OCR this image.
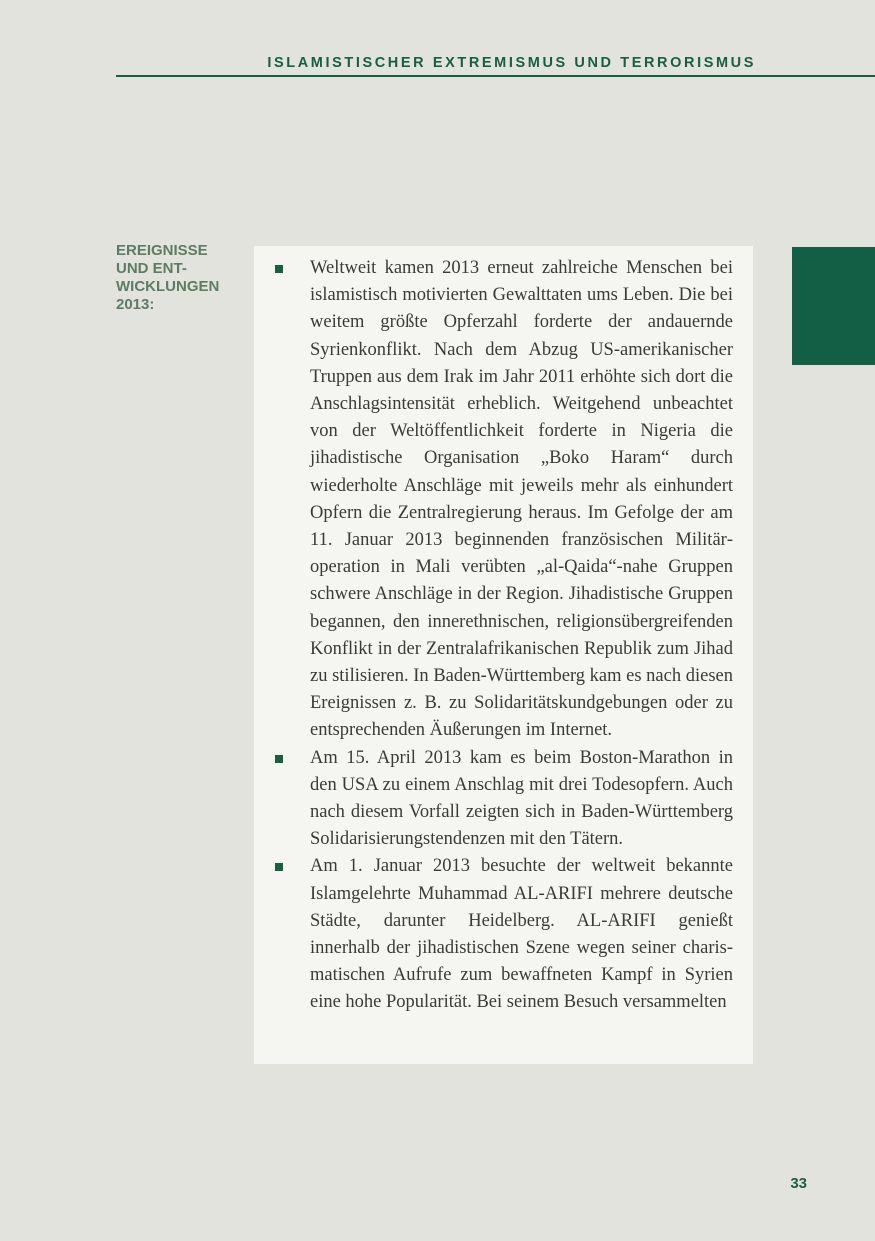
ISLAMISTISCHER EXTREMISMUS UND TERRORISMUS
EREIGNISSE
UND ENT-
WICKLUNGEN
2013:
Weltweit kamen 2013 erneut zahlreiche Menschen bei islamistisch motivierten Gewalttaten ums Leben. Die bei weitem größte Opferzahl forderte der andauernde Syrienkonflikt. Nach dem Abzug US-amerikanischer Truppen aus dem Irak im Jahr 2011 erhöhte sich dort die Anschlagsintensität erheblich. Weitgehend unbeachtet von der Weltöffentlichkeit forderte in Nigeria die jihadistische Organisation „Boko Haram“ durch wiederholte Anschläge mit jeweils mehr als einhundert Opfern die Zentralregierung heraus. Im Gefolge der am 11. Januar 2013 beginnenden französischen Militäroperation in Mali verübten „al-Qaida“-nahe Gruppen schwere Anschläge in der Region. Jihadistische Gruppen begannen, den innerethnischen, religionsübergreifenden Konflikt in der Zentralafrikanischen Republik zum Jihad zu stilisieren. In Baden-Württemberg kam es nach diesen Ereignissen z. B. zu Solidaritätskundgebungen oder zu entsprechenden Äußerungen im Internet.
Am 15. April 2013 kam es beim Boston-Marathon in den USA zu einem Anschlag mit drei Todesopfern. Auch nach diesem Vorfall zeigten sich in Baden-Württemberg Solidarisierungstendenzen mit den Tätern.
Am 1. Januar 2013 besuchte der weltweit bekannte Islamgelehrte Muhammad AL-ARIFI mehrere deutsche Städte, darunter Heidelberg. AL-ARIFI genießt innerhalb der jihadistischen Szene wegen seiner charismatischen Aufrufe zum bewaffneten Kampf in Syrien eine hohe Popularität. Bei seinem Besuch versammelten
33
